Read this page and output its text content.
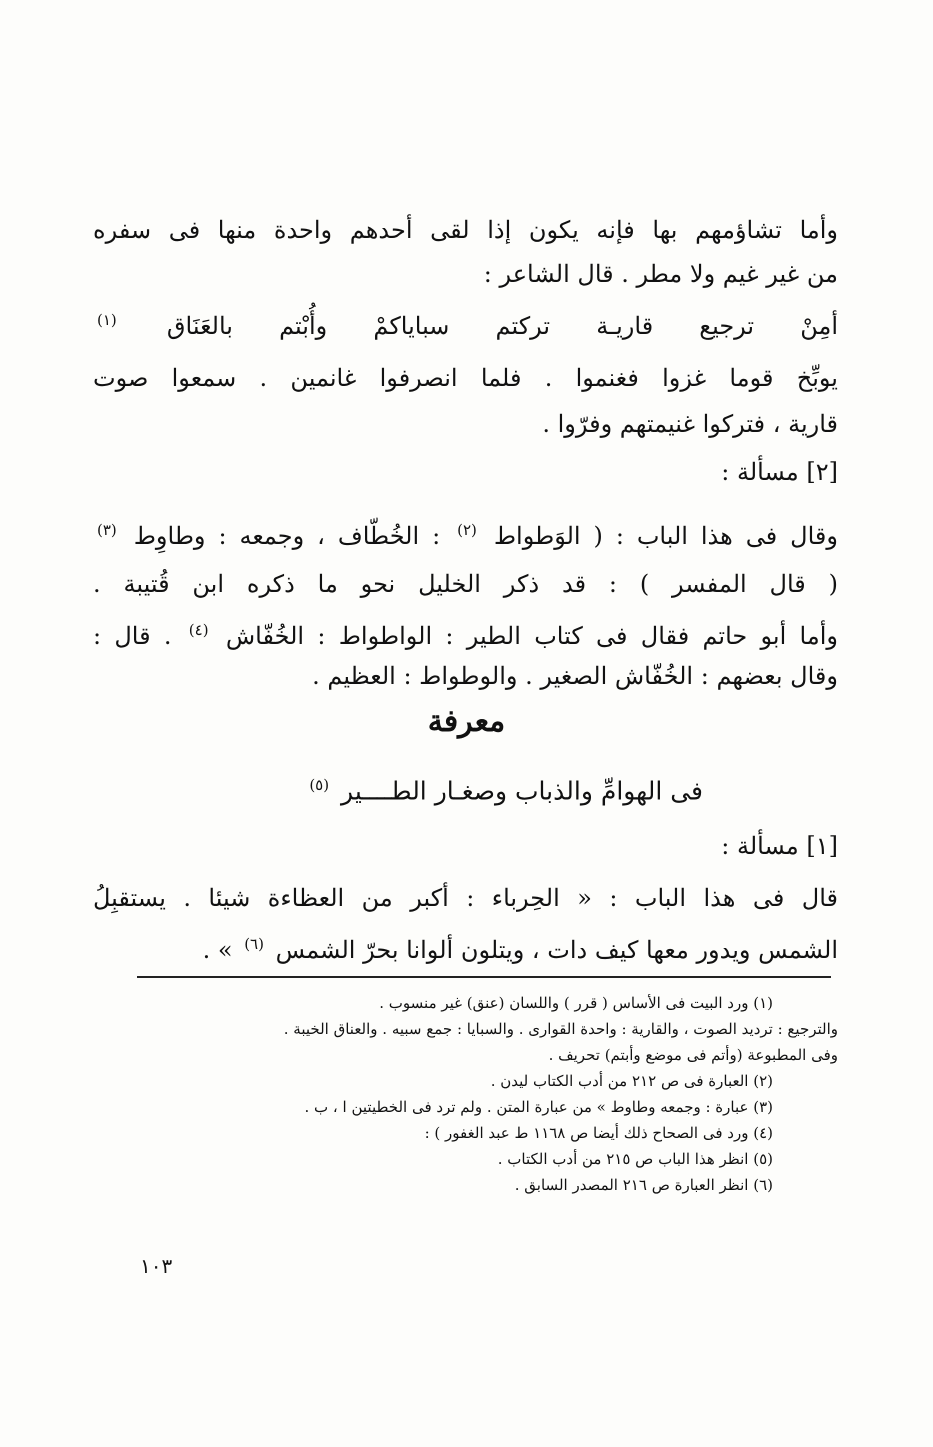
وأما تشاؤمهم بها فإنه يكون إذا لقى أحدهم واحدة منها فى سفره
من غير غيم ولا مطر . قال الشاعر :
أمِنْ ترجيع قاريـة تركتم سباياكمْ وأُبْتم بالعَنَاق $^{(١)}$
يوبِّخ قوما غزوا فغنموا . فلما انصرفوا غانمين . سمعوا صوت
قارية ، فتركوا غنيمتهم وفرّوا .
[٢] مسألة :
وقال فى هذا الباب : ( الوَطواط $^{(٢)}$ : الخُطّاف ، وجمعه : وطاوِط $^{(٣)}$
( قال المفسر ) : قد ذكر الخليل نحو ما ذكره ابن قُتيبة .
وأما أبو حاتم فقال فى كتاب الطير : الواطواط : الخُفّاش $^{(٤)}$ . قال :
وقال بعضهم : الخُفّاش الصغير . والوطواط : العظيم .
معرفة
فى الهوامِّ والذباب وصغـار الطــــير $^{(٥)}$
[١] مسألة :
قال فى هذا الباب : « الحِرباء : أكبر من العظاءة شيئا . يستقبِلُ
الشمس ويدور معها كيف دات ، ويتلون ألوانا بحرّ الشمس $^{(٦)}$ » .
(١) ورد البيت فى الأساس ( قرر ) واللسان (عنق) غير منسوب .
والترجيع : ترديد الصوت ، والقارية : واحدة القوارى . والسبايا : جمع سبيه . والعناق الخيبة .
وفى المطبوعة (وأتم فى موضع وأبتم) تحريف .
(٢) العبارة فى ص ٢١٢ من أدب الكتاب ليدن .
(٣) عبارة : وجمعه وطاوط » من عبارة المتن . ولم ترد فى الخطيتين ا ، ب .
(٤) ورد فى الصحاح ذلك أيضا ص ١١٦٨ ط عبد الغفور ) :
(٥) انظر هذا الباب ص ٢١٥ من أدب الكتاب .
(٦) انظر العبارة ص ٢١٦ المصدر السابق .
١٠٣
